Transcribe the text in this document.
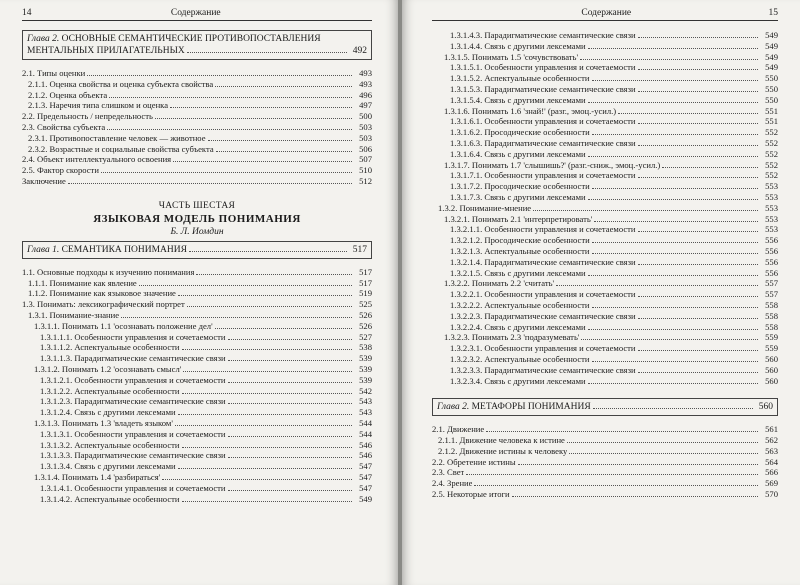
14	Содержание
Глава 2. ОСНОВНЫЕ СЕМАНТИЧЕСКИЕ ПРОТИВОПОСТАВЛЕНИЯ
МЕНТАЛЬНЫХ ПРИЛАГАТЕЛЬНЫХ	492
2.1. Типы оценки	493
2.1.1. Оценка свойства и оценка субъекта свойства	493
2.1.2. Оценка объекта	496
2.1.3. Наречия типа слишком и оценка	497
2.2. Предельность / непредельность	500
2.3. Свойства субъекта	503
2.3.1. Противопоставление человек — животное	503
2.3.2. Возрастные и социальные свойства субъекта	506
2.4. Объект интеллектуального освоения	507
2.5. Фактор скорости	510
Заключение	512
ЧАСТЬ ШЕСТАЯ
ЯЗЫКОВАЯ МОДЕЛЬ ПОНИМАНИЯ
Б. Л. Иомдин
Глава 1. СЕМАНТИКА ПОНИМАНИЯ	517
1.1. Основные подходы к изучению понимания	517
1.1.1. Понимание как явление	517
1.1.2. Понимание как языковое значение	519
1.3. Понимать: лексикографический портрет	525
1.3.1. Понимание-знание	526
1.3.1.1. Понимать 1.1 'осознавать положение дел'	526
1.3.1.1.1. Особенности управления и сочетаемости	527
1.3.1.1.2. Аспектуальные особенности	538
1.3.1.1.3. Парадигматические семантические связи	539
1.3.1.2. Понимать 1.2 'осознавать смысл'	539
1.3.1.2.1. Особенности управления и сочетаемости	539
1.3.1.2.2. Аспектуальные особенности	542
1.3.1.2.3. Парадигматические семантические связи	543
1.3.1.2.4. Связь с другими лексемами	543
1.3.1.3. Понимать 1.3 'владеть языком'	544
1.3.1.3.1. Особенности управления и сочетаемости	544
1.3.1.3.2. Аспектуальные особенности	546
1.3.1.3.3. Парадигматические семантические связи	546
1.3.1.3.4. Связь с другими лексемами	547
1.3.1.4. Понимать 1.4 'разбираться'	547
1.3.1.4.1. Особенности управления и сочетаемости	547
1.3.1.4.2. Аспектуальные особенности	549
Содержание	15
1.3.1.4.3. Парадигматические семантические связи	549
1.3.1.4.4. Связь с другими лексемами	549
1.3.1.5. Понимать 1.5 'сочувствовать'	549
1.3.1.5.1. Особенности управления и сочетаемости	549
1.3.1.5.2. Аспектуальные особенности	550
1.3.1.5.3. Парадигматические семантические связи	550
1.3.1.5.4. Связь с другими лексемами	550
1.3.1.6. Понимать 1.6 'знай!' (разг., эмоц.-усил.)	551
1.3.1.6.1. Особенности управления и сочетаемости	551
1.3.1.6.2. Просодические особенности	552
1.3.1.6.3. Парадигматические семантические связи	552
1.3.1.6.4. Связь с другими лексемами	552
1.3.1.7. Понимать 1.7 'слышишь?' (разг.-сниж., эмоц.-усил.)	552
1.3.1.7.1. Особенности управления и сочетаемости	552
1.3.1.7.2. Просодические особенности	553
1.3.1.7.3. Связь с другими лексемами	553
1.3.2. Понимание-мнение	553
1.3.2.1. Понимать 2.1 'интерпретировать'	553
1.3.2.1.1. Особенности управления и сочетаемости	553
1.3.2.1.2. Просодические особенности	556
1.3.2.1.3. Аспектуальные особенности	556
1.3.2.1.4. Парадигматические семантические связи	556
1.3.2.1.5. Связь с другими лексемами	556
1.3.2.2. Понимать 2.2 'считать'	557
1.3.2.2.1. Особенности управления и сочетаемости	557
1.3.2.2.2. Аспектуальные особенности	558
1.3.2.2.3. Парадигматические семантические связи	558
1.3.2.2.4. Связь с другими лексемами	558
1.3.2.3. Понимать 2.3 'подразумевать'	559
1.3.2.3.1. Особенности управления и сочетаемости	559
1.3.2.3.2. Аспектуальные особенности	560
1.3.2.3.3. Парадигматические семантические связи	560
1.3.2.3.4. Связь с другими лексемами	560
Глава 2. МЕТАФОРЫ ПОНИМАНИЯ	560
2.1. Движение	561
2.1.1. Движение человека к истине	562
2.1.2. Движение истины к человеку	563
2.2. Обретение истины	564
2.3. Свет	566
2.4. Зрение	569
2.5. Некоторые итоги	570
